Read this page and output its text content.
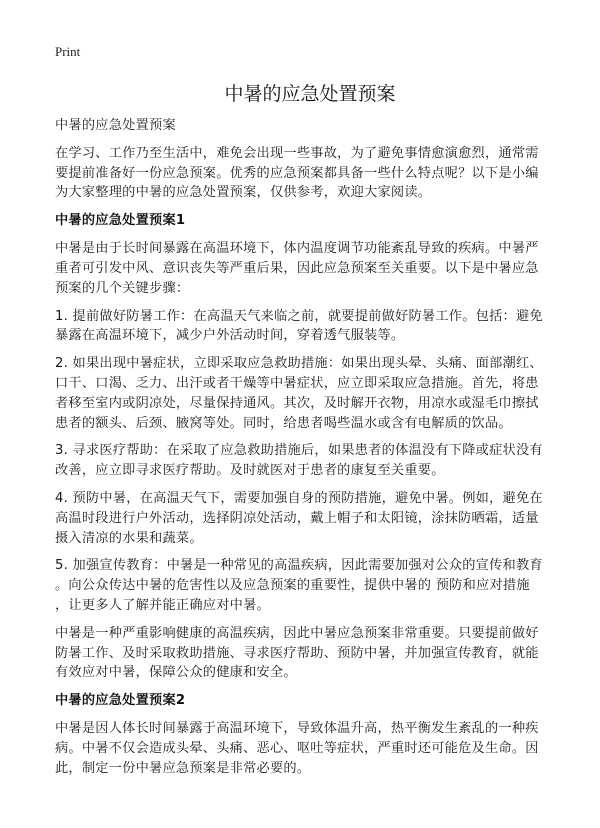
Print
中暑的应急处置预案
中暑的应急处置预案
在学习、工作乃至生活中，难免会出现一些事故，为了避免事情愈演愈烈，通常需
要提前准备好一份应急预案。优秀的应急预案都具备一些什么特点呢？以下是小编
为大家整理的中暑的应急处置预案，仅供参考，欢迎大家阅读。
中暑的应急处置预案1
中暑是由于长时间暴露在高温环境下，体内温度调节功能紊乱导致的疾病。中暑严
重者可引发中风、意识丧失等严重后果，因此应急预案至关重要。以下是中暑应急
预案的几个关键步骤：
1. 提前做好防暑工作：在高温天气来临之前，就要提前做好防暑工作。包括：避免
暴露在高温环境下，减少户外活动时间，穿着透气服装等。
2. 如果出现中暑症状，立即采取应急救助措施：如果出现头晕、头痛、面部潮红、
口干、口渴、乏力、出汗或者干燥等中暑症状，应立即采取应急措施。首先，将患
者移至室内或阴凉处，尽量保持通风。其次，及时解开衣物，用凉水或湿毛巾擦拭
患者的额头、后颈、腋窝等处。同时，给患者喝些温水或含有电解质的饮品。
3. 寻求医疗帮助：在采取了应急救助措施后，如果患者的体温没有下降或症状没有
改善，应立即寻求医疗帮助。及时就医对于患者的康复至关重要。
4. 预防中暑，在高温天气下，需要加强自身的预防措施，避免中暑。例如，避免在
高温时段进行户外活动，选择阴凉处活动，戴上帽子和太阳镜，涂抹防晒霜，适量
摄入清凉的水果和蔬菜。
5. 加强宣传教育：中暑是一种常见的高温疾病，因此需要加强对公众的宣传和教育
。向公众传达中暑的危害性以及应急预案的重要性，提供中暑的 预防和应对措施
，让更多人了解并能正确应对中暑。
中暑是一种严重影响健康的高温疾病，因此中暑应急预案非常重要。只要提前做好
防暑工作、及时采取救助措施、寻求医疗帮助、预防中暑，并加强宣传教育，就能
有效应对中暑，保障公众的健康和安全。
中暑的应急处置预案2
中暑是因人体长时间暴露于高温环境下，导致体温升高，热平衡发生紊乱的一种疾
病。中暑不仅会造成头晕、头痛、恶心、呕吐等症状，严重时还可能危及生命。因
此，制定一份中暑应急预案是非常必要的。
